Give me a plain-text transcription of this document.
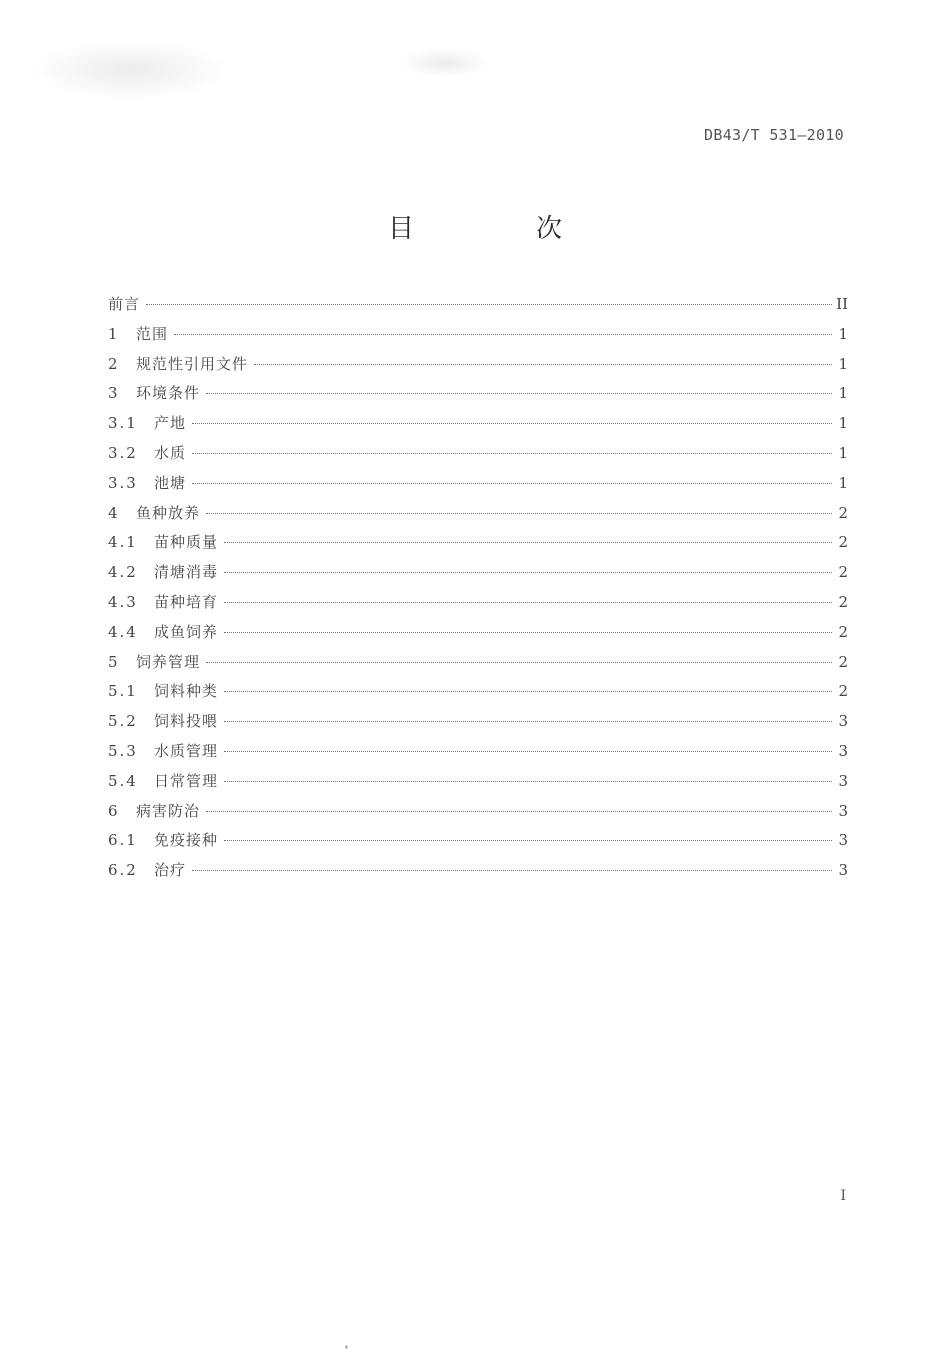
DB43/T 531—2010
目　次
前言	II
1	范围	1
2	规范性引用文件	1
3	环境条件	1
3.1	产地	1
3.2	水质	1
3.3	池塘	1
4	鱼种放养	2
4.1	苗种质量	2
4.2	清塘消毒	2
4.3	苗种培育	2
4.4	成鱼饲养	2
5	饲养管理	2
5.1	饲料种类	2
5.2	饲料投喂	3
5.3	水质管理	3
5.4	日常管理	3
6	病害防治	3
6.1	免疫接种	3
6.2	治疗	3
I
